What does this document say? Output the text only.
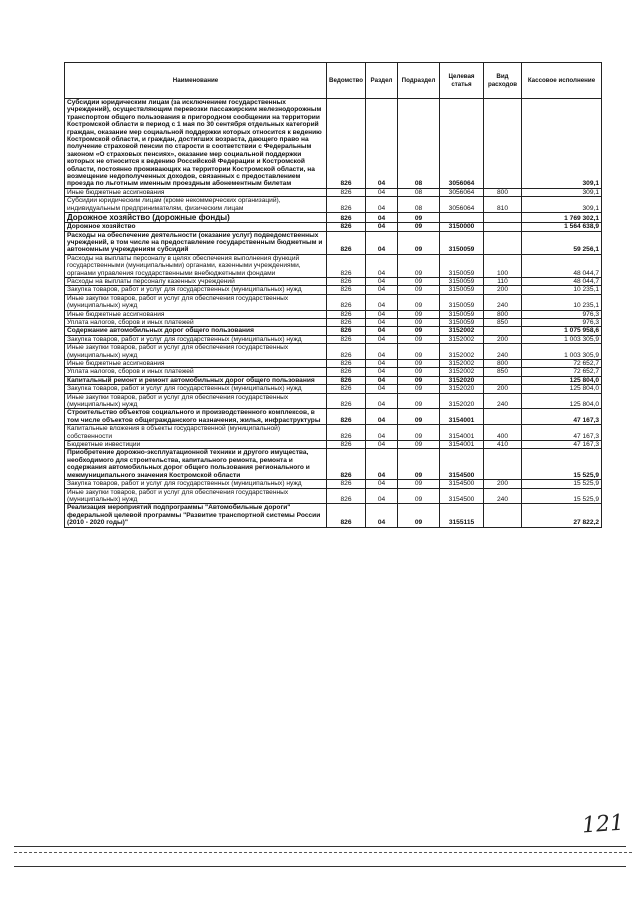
Наименование	Ведомство	Раздел	Подраздел	Целевая статья	Вид расходов	Кассовое исполнение
Субсидии юридическим лицам (за исключением государственных учреждений), осуществляющим перевозки пассажирским железнодорожным транспортом общего пользования в пригородном сообщении на территории Костромской области в период с 1 мая по 30 сентября отдельных категорий граждан, оказание мер социальной поддержки которых относится к ведению Костромской области, и граждан, достигших возраста, дающего право на получение страховой пенсии по старости в соответствии с Федеральным законом «О страховых пенсиях», оказание мер социальной поддержки которых не относится к ведению Российской Федерации и Костромской области, постоянно проживающих на территории Костромской области, на возмещение недополученных доходов, связанных с предоставлением проезда по льготным именным проездным абонементным билетам	826	04	08	3056064		309,1
Иные бюджетные ассигнования	826	04	08	3056064	800	309,1
Субсидии юридическим лицам (кроме некоммерческих организаций), индивидуальным предпринимателям, физическим лицам	826	04	08	3056064	810	309,1
Дорожное хозяйство (дорожные фонды)	826	04	09			1 769 302,1
Дорожное хозяйство	826	04	09	3150000		1 564 638,9
Расходы на обеспечение деятельности (оказание услуг) подведомственных учреждений, в том числе на предоставление государственным бюджетным и автономным учреждениям субсидий	826	04	09	3150059		59 256,1
Расходы на выплаты персоналу в целях обеспечения выполнения функций государственными (муниципальными) органами, казенными учреждениями, органами управления государственными внебюджетными фондами	826	04	09	3150059	100	48 044,7
Расходы на выплаты персоналу казенных учреждений	826	04	09	3150059	110	48 044,7
Закупка товаров, работ и услуг для государственных (муниципальных) нужд	826	04	09	3150059	200	10 235,1
Иные закупки товаров, работ и услуг для обеспечения государственных (муниципальных) нужд	826	04	09	3150059	240	10 235,1
Иные бюджетные ассигнования	826	04	09	3150059	800	976,3
Уплата налогов, сборов и иных платежей	826	04	09	3150059	850	976,3
Содержание автомобильных дорог общего пользования	826	04	09	3152002		1 075 958,6
Закупка товаров, работ и услуг для государственных (муниципальных) нужд	826	04	09	3152002	200	1 003 305,9
Иные закупки товаров, работ и услуг для обеспечения государственных (муниципальных) нужд	826	04	09	3152002	240	1 003 305,9
Иные бюджетные ассигнования	826	04	09	3152002	800	72 652,7
Уплата налогов, сборов и иных платежей	826	04	09	3152002	850	72 652,7
Капитальный ремонт и ремонт автомобильных дорог общего пользования	826	04	09	3152020		125 804,0
Закупка товаров, работ и услуг для государственных (муниципальных) нужд	826	04	09	3152020	200	125 804,0
Иные закупки товаров, работ и услуг для обеспечения государственных (муниципальных) нужд	826	04	09	3152020	240	125 804,0
Строительство объектов социального и производственного комплексов, в том числе объектов общегражданского назначения, жилья, инфраструктуры	826	04	09	3154001		47 167,3
Капитальные вложения в объекты государственной (муниципальной) собственности	826	04	09	3154001	400	47 167,3
Бюджетные инвестиции	826	04	09	3154001	410	47 167,3
Приобретение дорожно-эксплуатационной техники и другого имущества, необходимого для строительства, капитального ремонта, ремонта и содержания автомобильных дорог общего пользования регионального и межмуниципального значения Костромской области	826	04	09	3154500		15 525,9
Закупка товаров, работ и услуг для государственных (муниципальных) нужд	826	04	09	3154500	200	15 525,9
Иные закупки товаров, работ и услуг для обеспечения государственных (муниципальных) нужд	826	04	09	3154500	240	15 525,9
Реализация мероприятий подпрограммы "Автомобильные дороги" федеральной целевой программы "Развитие транспортной системы России (2010 - 2020 годы)"	826	04	09	3155115		27 822,2
121
